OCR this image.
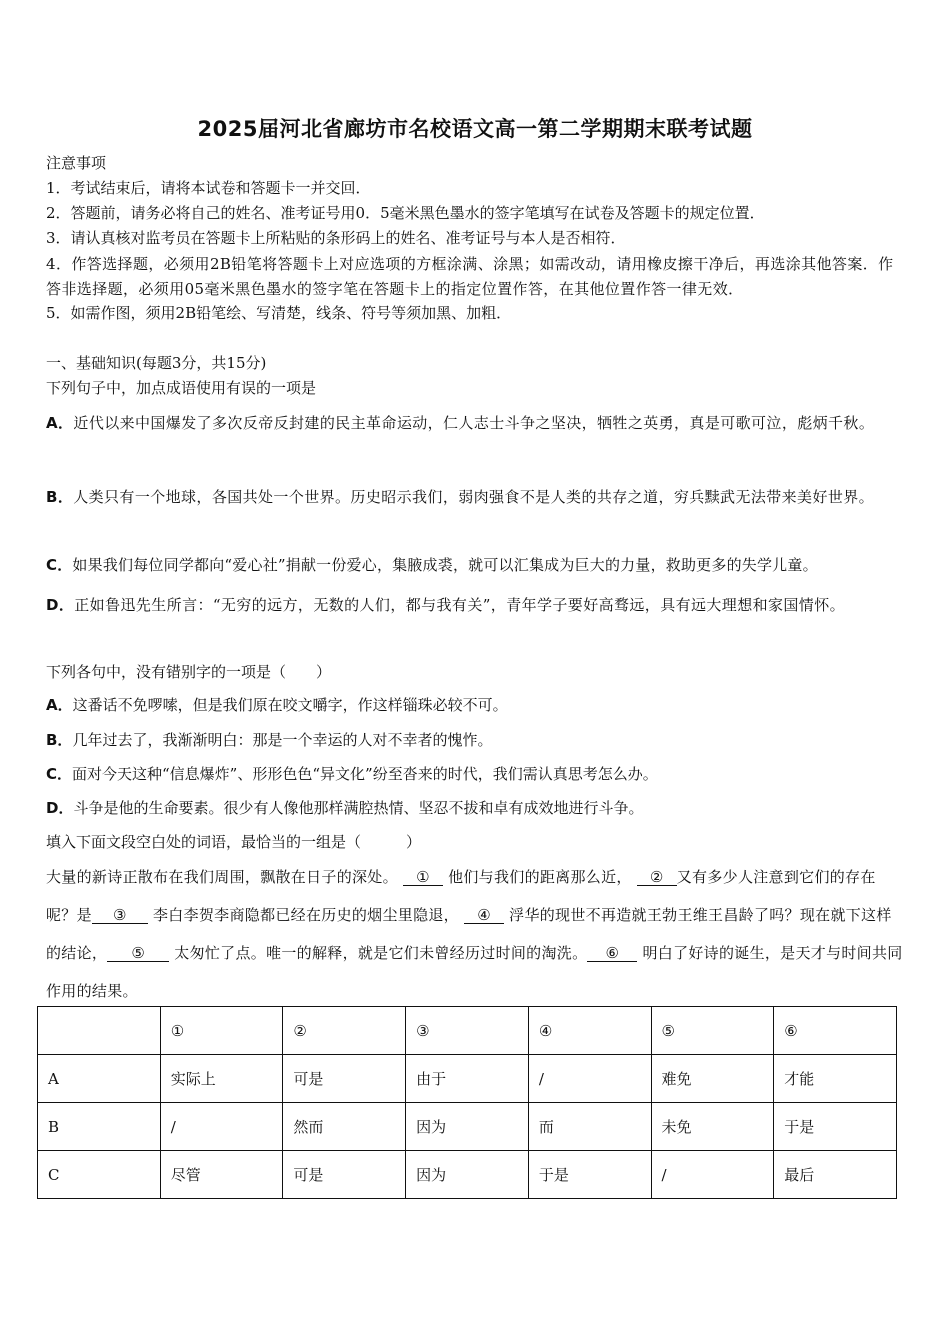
2025届河北省廊坊市名校语文高一第二学期期末联考试题
注意事项
1．考试结束后，请将本试卷和答题卡一并交回．
2．答题前，请务必将自己的姓名、准考证号用0．5毫米黑色墨水的签字笔填写在试卷及答题卡的规定位置．
3．请认真核对监考员在答题卡上所粘贴的条形码上的姓名、准考证号与本人是否相符．
4．作答选择题，必须用2B铅笔将答题卡上对应选项的方框涂满、涂黑；如需改动，请用橡皮擦干净后，再选涂其他答案．作答非选择题，必须用05毫米黑色墨水的签字笔在答题卡上的指定位置作答，在其他位置作答一律无效．
5．如需作图，须用2B铅笔绘、写清楚，线条、符号等须加黑、加粗．
一、基础知识(每题3分，共15分)
下列句子中，加点成语使用有误的一项是
A．近代以来中国爆发了多次反帝反封建的民主革命运动，仁人志士斗争之坚决，牺牲之英勇，真是可歌可泣，彪炳千秋。
B．人类只有一个地球，各国共处一个世界。历史昭示我们，弱肉强食不是人类的共存之道，穷兵黩武无法带来美好世界。
C．如果我们每位同学都向“爱心社”捐献一份爱心，集腋成裘，就可以汇集成为巨大的力量，救助更多的失学儿童。
D．正如鲁迅先生所言：“无穷的远方，无数的人们，都与我有关”，青年学子要好高骛远，具有远大理想和家国情怀。
下列各句中，没有错别字的一项是（　　）
A．这番话不免啰嗦，但是我们原在咬文嚼字，作这样锱珠必较不可。
B．几年过去了，我渐渐明白：那是一个幸运的人对不幸者的愧怍。
C．面对今天这种“信息爆炸”、形形色色“异文化”纷至沓来的时代，我们需认真思考怎么办。
D．斗争是他的生命要素。很少有人像他那样满腔热情、坚忍不拔和卓有成效地进行斗争。
填入下面文段空白处的词语，最恰当的一组是（　　　）
大量的新诗正散布在我们周围，飘散在日子的深处。 ① 他们与我们的距离那么近， ② 又有多少人注意到它们的存在呢？是 ③ 李白李贺李商隐都已经在历史的烟尘里隐退， ④ 浮华的现世不再造就王勃王维王昌龄了吗？现在就下这样的结论， ⑤ 太匆忙了点。唯一的解释，就是它们未曾经历过时间的淘洗。 ⑥ 明白了好诗的诞生，是天才与时间共同作用的结果。
	①	②	③	④	⑤	⑥
A	实际上	可是	由于	/	难免	才能
B	/	然而	因为	而	未免	于是
C	尽管	可是	因为	于是	/	最后
